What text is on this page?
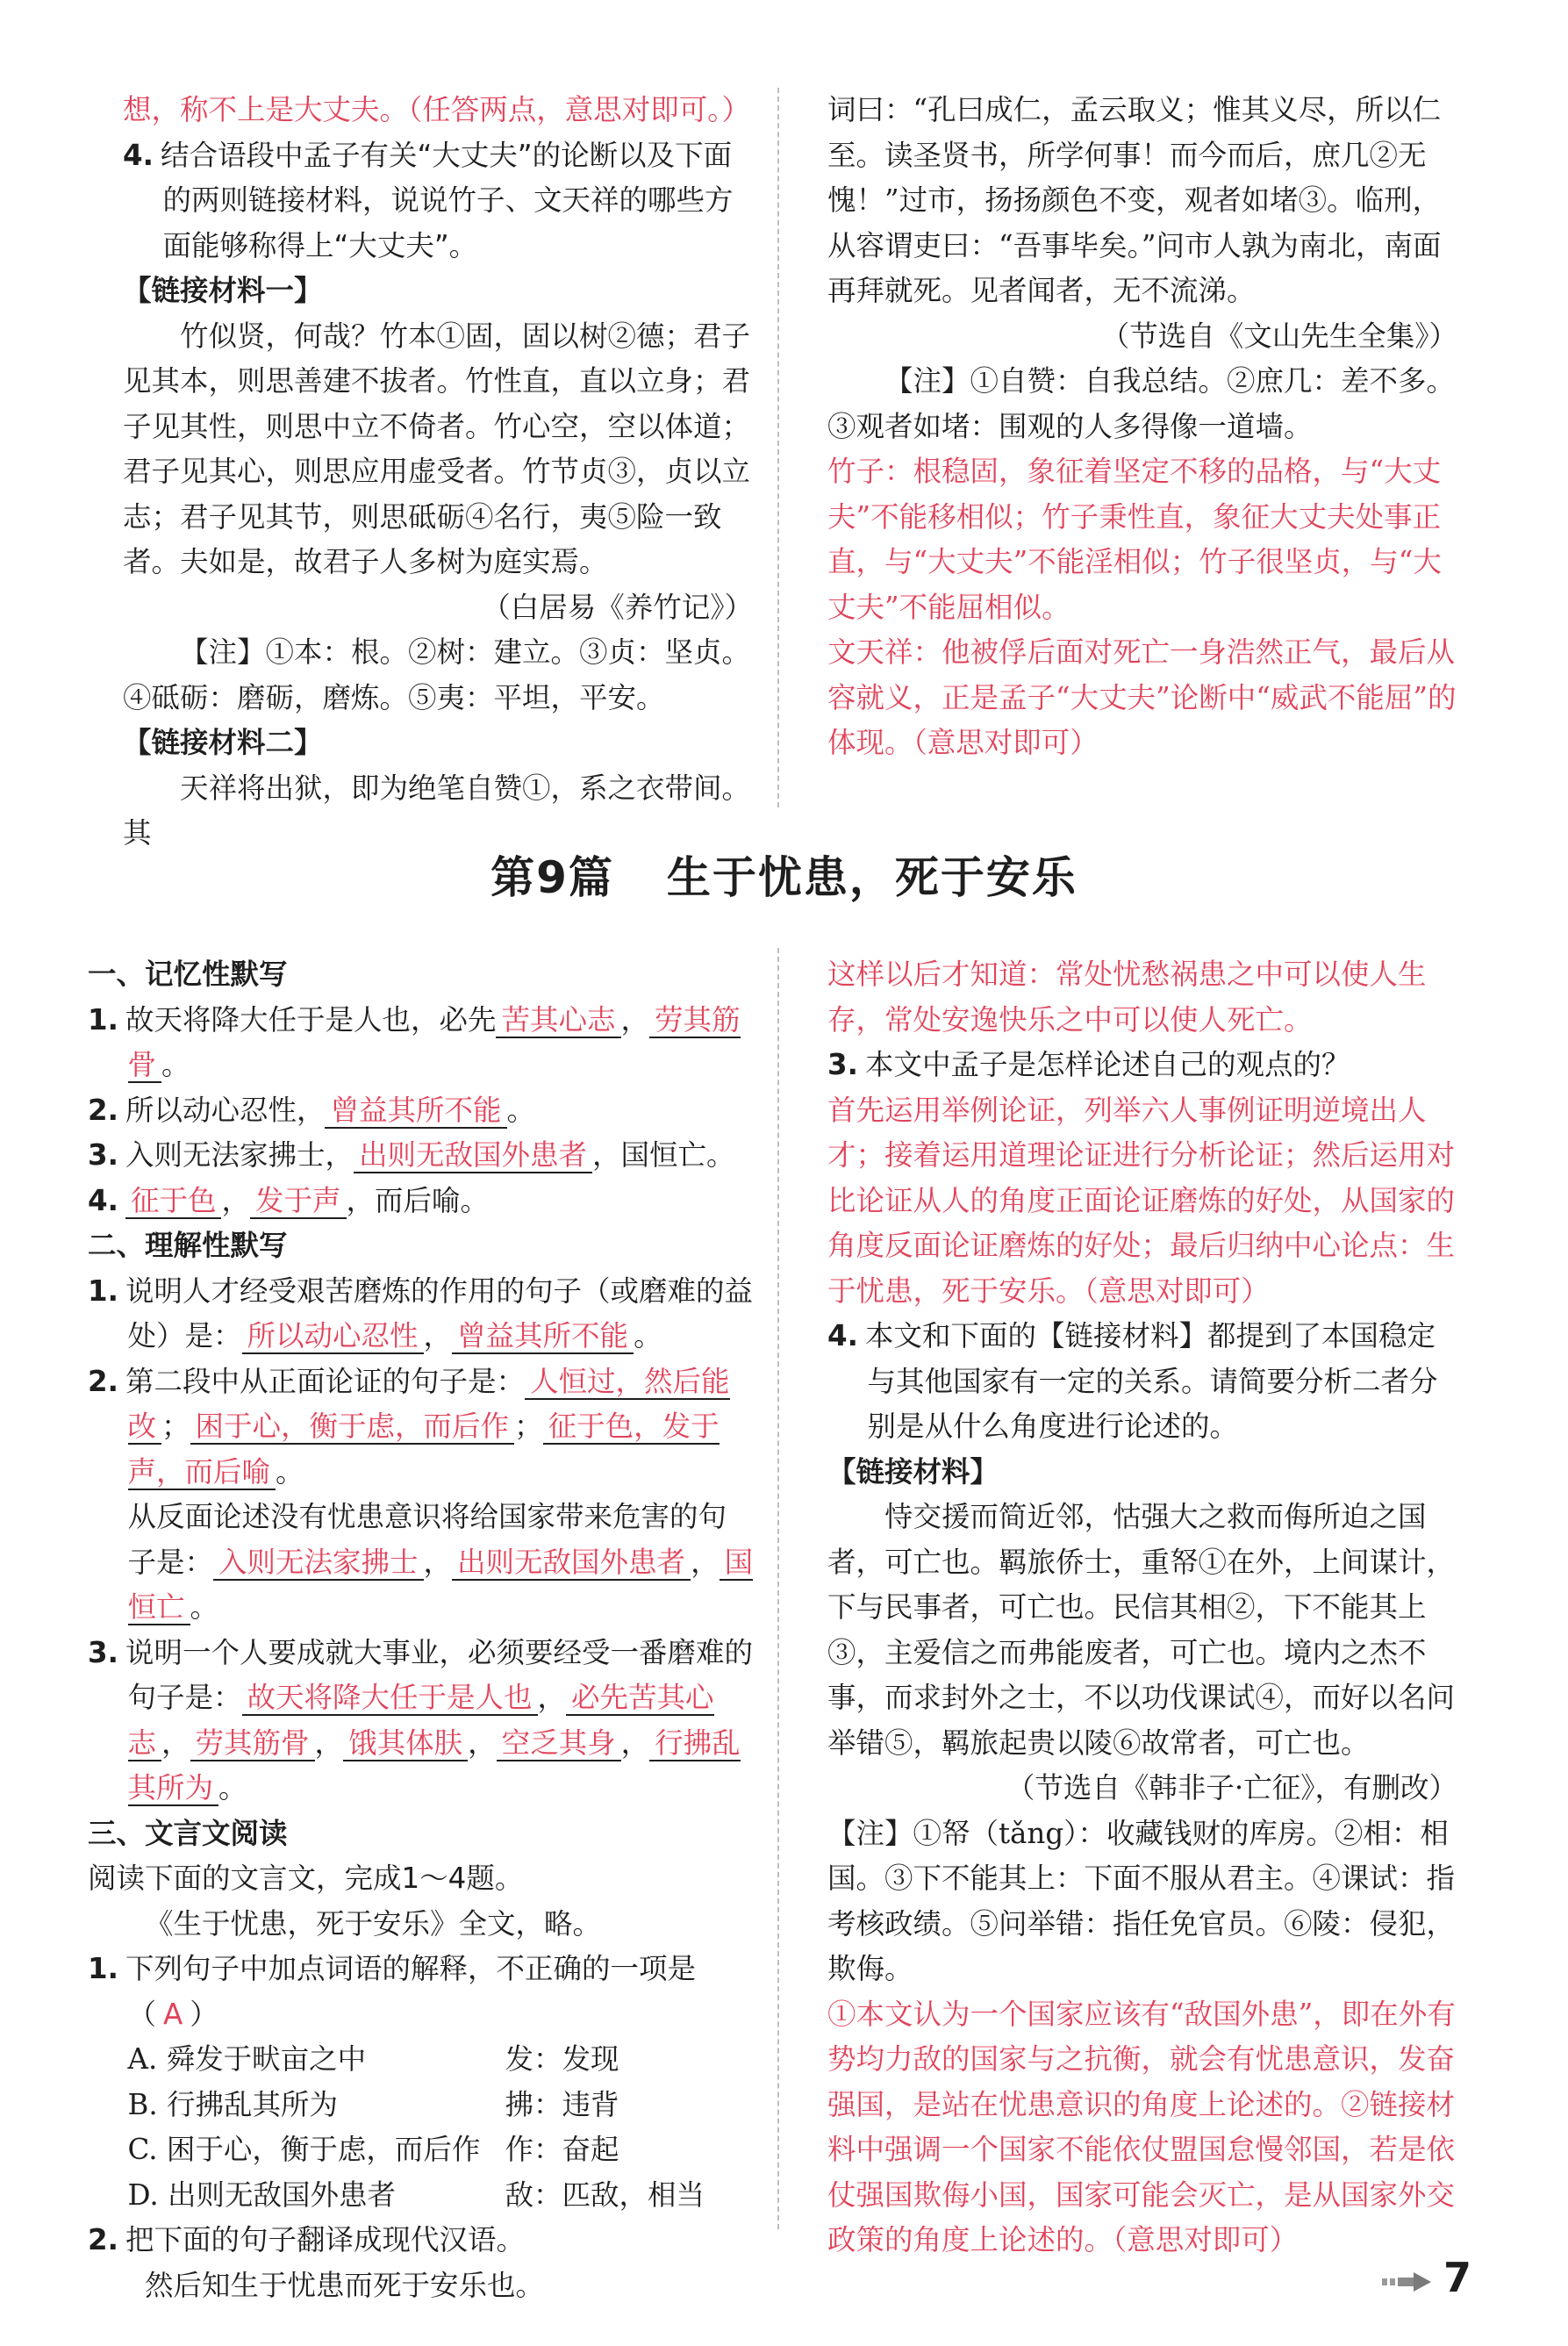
想，称不上是大丈夫。（任答两点，意思对即可。）

4. 结合语段中孟子有关“大丈夫”的论断以及下面的两则链接材料，说说竹子、文天祥的哪些方面能够称得上“大丈夫”。

【链接材料一】

竹似贤，何哉？竹本①固，固以树②德；君子见其本，则思善建不拔者。竹性直，直以立身；君子见其性，则思中立不倚者。竹心空，空以体道；君子见其心，则思应用虚受者。竹节贞③，贞以立志；君子见其节，则思砥砺④名行，夷⑤险一致者。夫如是，故君子人多树为庭实焉。

（白居易《养竹记》）

【注】①本：根。②树：建立。③贞：坚贞。④砥砺：磨砺，磨炼。⑤夷：平坦，平安。

【链接材料二】

天祥将出狱，即为绝笔自赞①，系之衣带间。其

词曰：“孔曰成仁，孟云取义；惟其义尽，所以仁至。读圣贤书，所学何事！而今而后，庶几②无愧！”过市，扬扬颜色不变，观者如堵③。临刑，从容谓吏曰：“吾事毕矣。”问市人孰为南北，南面再拜就死。见者闻者，无不流涕。

（节选自《文山先生全集》）

【注】①自赞：自我总结。②庶几：差不多。③观者如堵：围观的人多得像一道墙。

竹子：根稳固，象征着坚定不移的品格，与“大丈夫”不能移相似；竹子秉性直，象征大丈夫处事正直，与“大丈夫”不能淫相似；竹子很坚贞，与“大丈夫”不能屈相似。

文天祥：他被俘后面对死亡一身浩然正气，最后从容就义，正是孟子“大丈夫”论断中“威武不能屈”的体现。（意思对即可）

第9篇 生于忧患，死于安乐

一、记忆性默写

1. 故天将降大任于是人也，必先 苦其心志 ， 劳其筋骨 。

2. 所以动心忍性， 曾益其所不能 。

3. 入则无法家拂士， 出则无敌国外患者 ，国恒亡。

4. 征于色 ， 发于声 ，而后喻。

二、理解性默写

1. 说明人才经受艰苦磨炼的作用的句子（或磨难的益处）是： 所以动心忍性 ， 曾益其所不能 。

2. 第二段中从正面论证的句子是： 人恒过，然后能改 ； 困于心，衡于虑，而后作 ； 征于色，发于声，而后喻 。

从反面论述没有忧患意识将给国家带来危害的句子是： 入则无法家拂士 ， 出则无敌国外患者 ， 国恒亡 。

3. 说明一个人要成就大事业，必须要经受一番磨难的句子是： 故天将降大任于是人也 ， 必先苦其心志 ， 劳其筋骨 ， 饿其体肤 ， 空乏其身 ， 行拂乱其所为 。

三、文言文阅读

阅读下面的文言文，完成1～4题。

《生于忧患，死于安乐》全文，略。

1. 下列句子中加点词语的解释，不正确的一项是（ A ）

A. 舜发于畎亩之中	发：发现
B. 行拂乱其所为	拂：违背
C. 困于心，衡于虑，而后作 作：奋起
D. 出则无敌国外患者	敌：匹敌，相当

2. 把下面的句子翻译成现代汉语。

然后知生于忧患而死于安乐也。

这样以后才知道：常处忧愁祸患之中可以使人生存，常处安逸快乐之中可以使人死亡。

3. 本文中孟子是怎样论述自己的观点的？

首先运用举例论证，列举六人事例证明逆境出人才；接着运用道理论证进行分析论证；然后运用对比论证从人的角度正面论证磨炼的好处，从国家的角度反面论证磨炼的好处；最后归纳中心论点：生于忧患，死于安乐。（意思对即可）

4. 本文和下面的【链接材料】都提到了本国稳定与其他国家有一定的关系。请简要分析二者分别是从什么角度进行论述的。

【链接材料】

恃交援而简近邻，怙强大之救而侮所迫之国者，可亡也。羁旅侨士，重帑①在外，上间谋计，下与民事者，可亡也。民信其相②，下不能其上③，主爱信之而弗能废者，可亡也。境内之杰不事，而求封外之士，不以功伐课试④，而好以名问举错⑤，羁旅起贵以陵⑥故常者，可亡也。

（节选自《韩非子·亡征》，有删改）

【注】①帑（tǎng）：收藏钱财的库房。②相：相国。③下不能其上：下面不服从君主。④课试：指考核政绩。⑤问举错：指任免官员。⑥陵：侵犯，欺侮。

①本文认为一个国家应该有“敌国外患”，即在外有势均力敌的国家与之抗衡，就会有忧患意识，发奋强国，是站在忧患意识的角度上论述的。②链接材料中强调一个国家不能依仗盟国怠慢邻国，若是依仗强国欺侮小国，国家可能会灭亡，是从国家外交政策的角度上论述的。（意思对即可）

7
